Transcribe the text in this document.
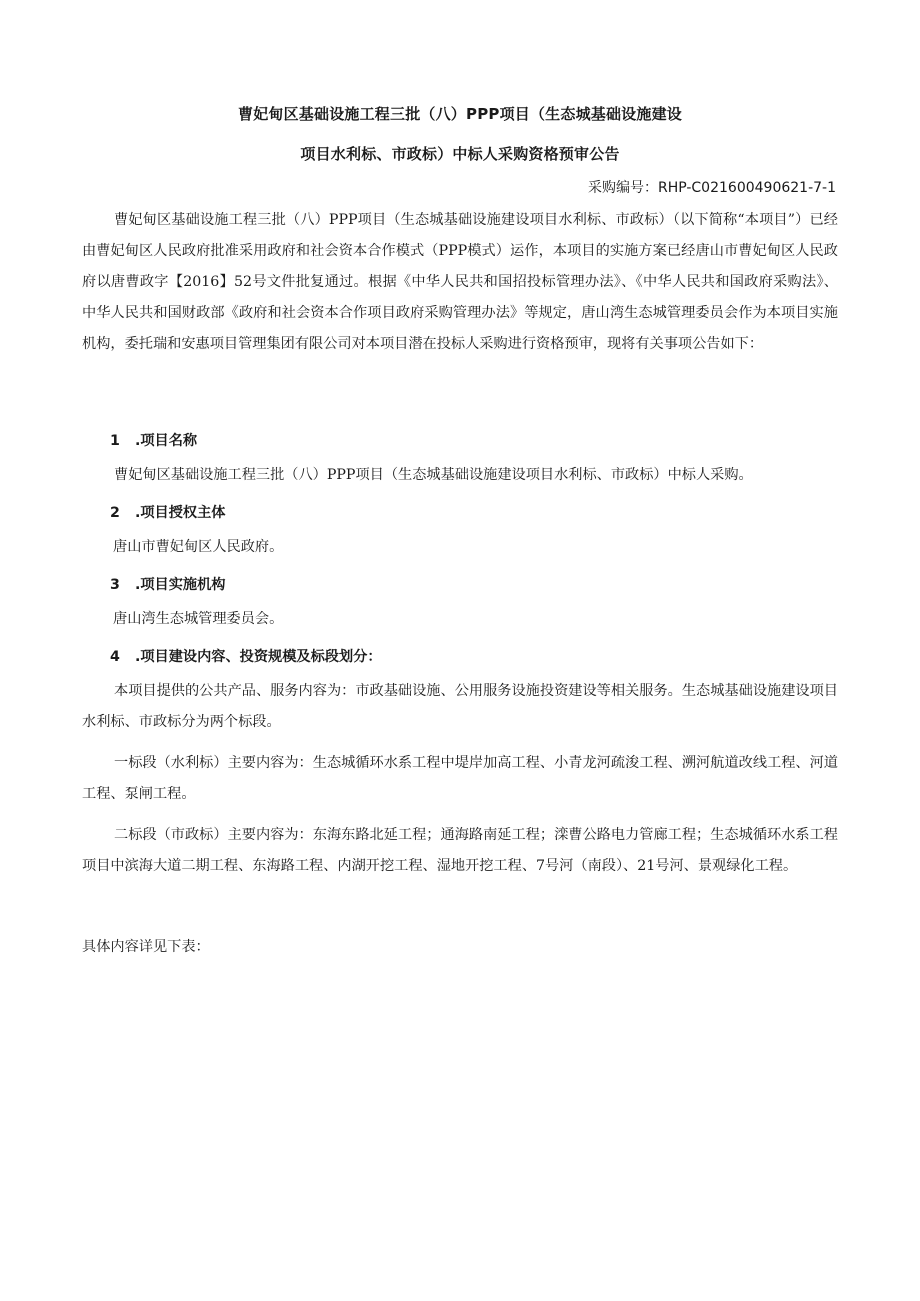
曹妃甸区基础设施工程三批（八）PPP项目（生态城基础设施建设
项目水利标、市政标）中标人采购资格预审公告
采购编号：RHP-C021600490621-7-1
曹妃甸区基础设施工程三批（八）PPP项目（生态城基础设施建设项目水利标、市政标）（以下简称“本项目”）已经由曹妃甸区人民政府批准采用政府和社会资本合作模式（PPP模式）运作，本项目的实施方案已经唐山市曹妃甸区人民政府以唐曹政字【2016】52号文件批复通过。根据《中华人民共和国招投标管理办法》、《中华人民共和国政府采购法》、中华人民共和国财政部《政府和社会资本合作项目政府采购管理办法》等规定，唐山湾生态城管理委员会作为本项目实施机构，委托瑞和安惠项目管理集团有限公司对本项目潜在投标人采购进行资格预审，现将有关事项公告如下：
1 .项目名称
曹妃甸区基础设施工程三批（八）PPP项目（生态城基础设施建设项目水利标、市政标）中标人采购。
2 .项目授权主体
唐山市曹妃甸区人民政府。
3 .项目实施机构
唐山湾生态城管理委员会。
4 .项目建设内容、投资规模及标段划分：
本项目提供的公共产品、服务内容为：市政基础设施、公用服务设施投资建设等相关服务。生态城基础设施建设项目水利标、市政标分为两个标段。
一标段（水利标）主要内容为：生态城循环水系工程中堤岸加高工程、小青龙河疏浚工程、溯河航道改线工程、河道工程、泵闸工程。
二标段（市政标）主要内容为：东海东路北延工程；通海路南延工程；滦曹公路电力管廊工程；生态城循环水系工程项目中滨海大道二期工程、东海路工程、内湖开挖工程、湿地开挖工程、7号河（南段）、21号河、景观绿化工程。
具体内容详见下表：
